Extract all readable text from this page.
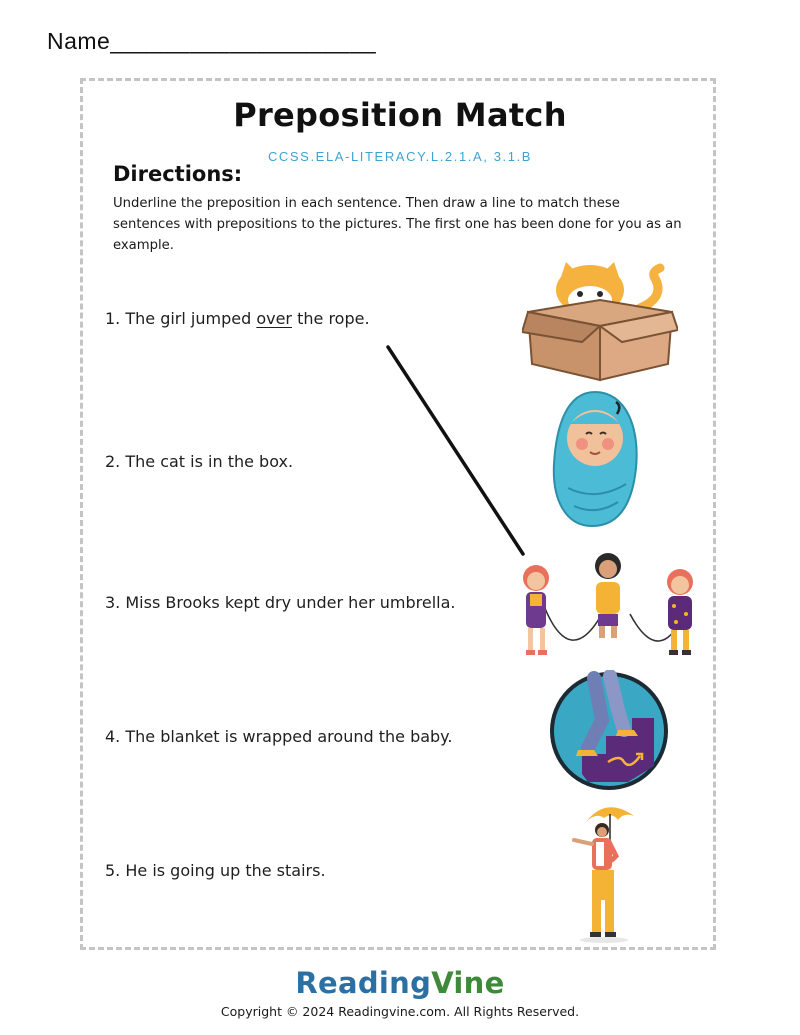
Name____________________
Preposition Match
CCSS.ELA-LITERACY.L.2.1.A, 3.1.B
Directions:
Underline the preposition in each sentence. Then draw a line to match these sentences with prepositions to the pictures. The first one has been done for you as an example.
1. The girl jumped over the rope.
2. The cat is in the box.
3. Miss Brooks kept dry under her umbrella.
4. The blanket is wrapped around the baby.
5. He is going up the stairs.
ReadingVine
Copyright © 2024 Readingvine.com. All Rights Reserved.
